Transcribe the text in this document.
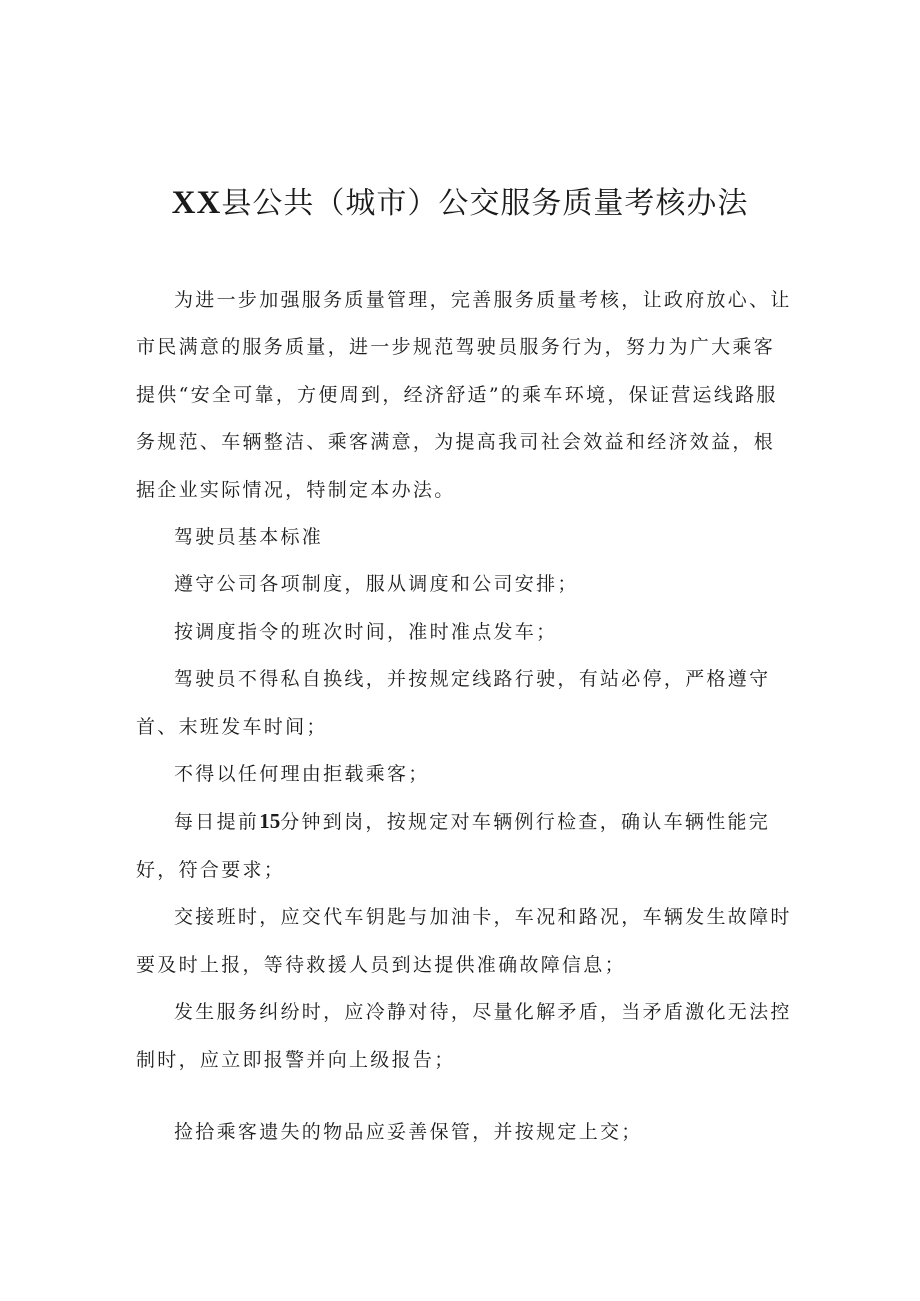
XX县公共（城市）公交服务质量考核办法

为进一步加强服务质量管理，完善服务质量考核，让政府放心、让市民满意的服务质量，进一步规范驾驶员服务行为，努力为广大乘客提供“安全可靠，方便周到，经济舒适”的乘车环境，保证营运线路服务规范、车辆整洁、乘客满意，为提高我司社会效益和经济效益，根据企业实际情况，特制定本办法。

驾驶员基本标准

遵守公司各项制度，服从调度和公司安排；

按调度指令的班次时间，准时准点发车；

驾驶员不得私自换线，并按规定线路行驶，有站必停，严格遵守首、末班发车时间；

不得以任何理由拒载乘客；

每日提前15分钟到岗，按规定对车辆例行检查，确认车辆性能完好，符合要求；

交接班时，应交代车钥匙与加油卡，车况和路况，车辆发生故障时要及时上报，等待救援人员到达提供准确故障信息；

发生服务纠纷时，应冷静对待，尽量化解矛盾，当矛盾激化无法控制时，应立即报警并向上级报告；

捡拾乘客遗失的物品应妥善保管，并按规定上交；
